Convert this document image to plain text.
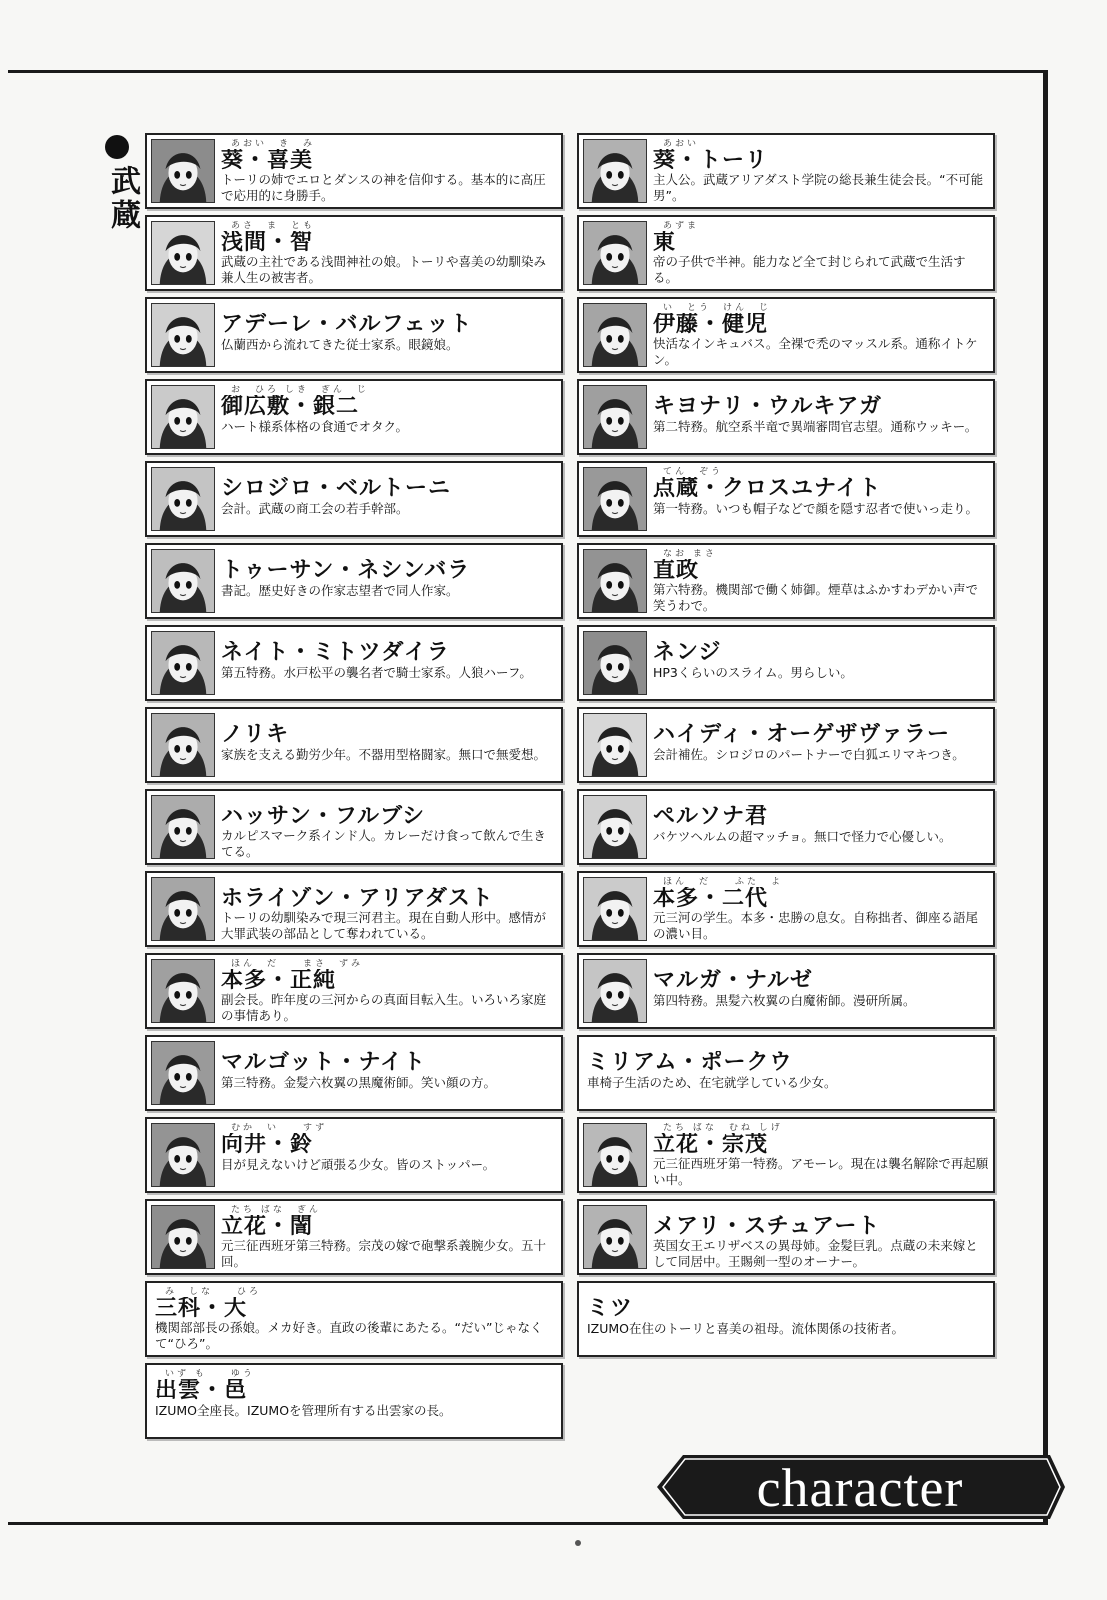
武蔵
あおい　き　み
葵・喜美
トーリの姉でエロとダンスの神を信仰する。基本的に高圧で応用的に身勝手。
あおい
葵・トーリ
主人公。武蔵アリアダスト学院の総長兼生徒会長。“不可能男”。
あさ　ま　とも
浅間・智
武蔵の主社である浅間神社の娘。トーリや喜美の幼馴染み兼人生の被害者。
あずま
東
帝の子供で半神。能力など全て封じられて武蔵で生活する。
アデーレ・バルフェット
仏蘭西から流れてきた従士家系。眼鏡娘。
い　とう　けん　じ
伊藤・健児
快活なインキュバス。全裸で禿のマッスル系。通称イトケン。
お　ひろ しき　ぎん　じ
御広敷・銀二
ハート様系体格の食通でオタク。
キヨナリ・ウルキアガ
第二特務。航空系半竜で異端審問官志望。通称ウッキー。
シロジロ・ベルトーニ
会計。武蔵の商工会の若手幹部。
てん　ぞう
点蔵・クロスユナイト
第一特務。いつも帽子などで顔を隠す忍者で使いっ走り。
トゥーサン・ネシンバラ
書記。歴史好きの作家志望者で同人作家。
なお まさ
直政
第六特務。機関部で働く姉御。煙草はふかすわデかい声で笑うわで。
ネイト・ミトツダイラ
第五特務。水戸松平の襲名者で騎士家系。人狼ハーフ。
ネンジ
HP3くらいのスライム。男らしい。
ノリキ
家族を支える勤労少年。不器用型格闘家。無口で無愛想。
ハイディ・オーゲザヴァラー
会計補佐。シロジロのパートナーで白狐エリマキつき。
ハッサン・フルブシ
カルピスマーク系インド人。カレーだけ食って飲んで生きてる。
ペルソナ君
バケツヘルムの超マッチョ。無口で怪力で心優しい。
ホライゾン・アリアダスト
トーリの幼馴染みで現三河君主。現在自動人形中。感情が大罪武装の部品として奪われている。
ほん　だ　　ふた　よ
本多・二代
元三河の学生。本多・忠勝の息女。自称拙者、御座る語尾の濃い目。
ほん　だ　　まさ　ずみ
本多・正純
副会長。昨年度の三河からの真面目転入生。いろいろ家庭の事情あり。
マルガ・ナルゼ
第四特務。黒髪六枚翼の白魔術師。漫研所属。
マルゴット・ナイト
第三特務。金髪六枚翼の黒魔術師。笑い顔の方。
ミリアム・ポークウ
車椅子生活のため、在宅就学している少女。
むか　い　　すず
向井・鈴
目が見えないけど頑張る少女。皆のストッパー。
たち ばな　むね しげ
立花・宗茂
元三征西班牙第一特務。アモーレ。現在は襲名解除で再起願い中。
たち ばな　ぎん
立花・誾
元三征西班牙第三特務。宗茂の嫁で砲撃系義腕少女。五十回。
メアリ・スチュアート
英国女王エリザベスの異母姉。金髪巨乳。点蔵の未来嫁として同居中。王賜剣一型のオーナー。
み　しな　　ひろ
三科・大
機関部部長の孫娘。メカ好き。直政の後輩にあたる。“だい”じゃなくて“ひろ”。
ミツ
IZUMO在住のトーリと喜美の祖母。流体関係の技術者。
いず も　　ゆう
出雲・邑
IZUMO全座長。IZUMOを管理所有する出雲家の長。
character
